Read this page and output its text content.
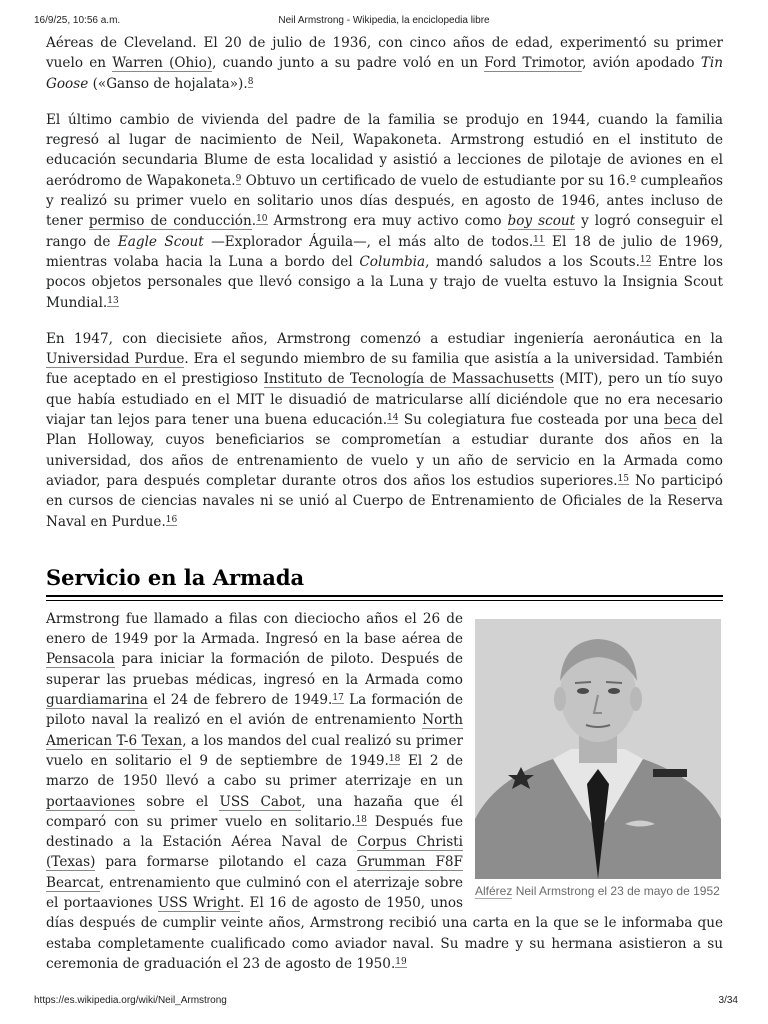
16/9/25, 10:56 a.m.	Neil Armstrong - Wikipedia, la enciclopedia libre

Aéreas de Cleveland. El 20 de julio de 1936, con cinco años de edad, experimentó su primer vuelo en Warren (Ohio), cuando junto a su padre voló en un Ford Trimotor, avión apodado Tin Goose («Ganso de hojalata»).$^8$

El último cambio de vivienda del padre de la familia se produjo en 1944, cuando la familia regresó al lugar de nacimiento de Neil, Wapakoneta. Armstrong estudió en el instituto de educación secundaria Blume de esta localidad y asistió a lecciones de pilotaje de aviones en el aeródromo de Wapakoneta.$^9$ Obtuvo un certificado de vuelo de estudiante por su 16.º cumpleaños y realizó su primer vuelo en solitario unos días después, en agosto de 1946, antes incluso de tener permiso de conducción.$^{10}$ Armstrong era muy activo como boy scout y logró conseguir el rango de Eagle Scout —Explorador Águila—, el más alto de todos.$^{11}$ El 18 de julio de 1969, mientras volaba hacia la Luna a bordo del Columbia, mandó saludos a los Scouts.$^{12}$ Entre los pocos objetos personales que llevó consigo a la Luna y trajo de vuelta estuvo la Insignia Scout Mundial.$^{13}$

En 1947, con diecisiete años, Armstrong comenzó a estudiar ingeniería aeronáutica en la Universidad Purdue. Era el segundo miembro de su familia que asistía a la universidad. También fue aceptado en el prestigioso Instituto de Tecnología de Massachusetts (MIT), pero un tío suyo que había estudiado en el MIT le disuadió de matricularse allí diciéndole que no era necesario viajar tan lejos para tener una buena educación.$^{14}$ Su colegiatura fue costeada por una beca del Plan Holloway, cuyos beneficiarios se comprometían a estudiar durante dos años en la universidad, dos años de entrenamiento de vuelo y un año de servicio en la Armada como aviador, para después completar durante otros dos años los estudios superiores.$^{15}$ No participó en cursos de ciencias navales ni se unió al Cuerpo de Entrenamiento de Oficiales de la Reserva Naval en Purdue.$^{16}$

Servicio en la Armada
Alférez Neil Armstrong el 23 de mayo de 1952

Armstrong fue llamado a filas con dieciocho años el 26 de enero de 1949 por la Armada. Ingresó en la base aérea de Pensacola para iniciar la formación de piloto. Después de superar las pruebas médicas, ingresó en la Armada como guardiamarina el 24 de febrero de 1949.17 La formación de piloto naval la realizó en el avión de entrenamiento North American T-6 Texan, a los mandos del cual realizó su primer vuelo en solitario el 9 de septiembre de 1949.18 El 2 de marzo de 1950 llevó a cabo su primer aterrizaje en un portaaviones sobre el USS Cabot, una hazaña que él comparó con su primer vuelo en solitario.$^{18}$ Después fue destinado a la Estación Aérea Naval de Corpus Christi (Texas) para formarse pilotando el caza Grumman F8F Bearcat, entrenamiento que culminó con el aterrizaje sobre el portaaviones USS Wright. El 16 de agosto de 1950, unos días después de cumplir veinte años, Armstrong recibió una carta en la que se le informaba que estaba completamente cualificado como aviador naval. Su madre y su hermana asistieron a su ceremonia de graduación el 23 de agosto de 1950.19

https://es.wikipedia.org/wiki/Neil_Armstrong	3/34
